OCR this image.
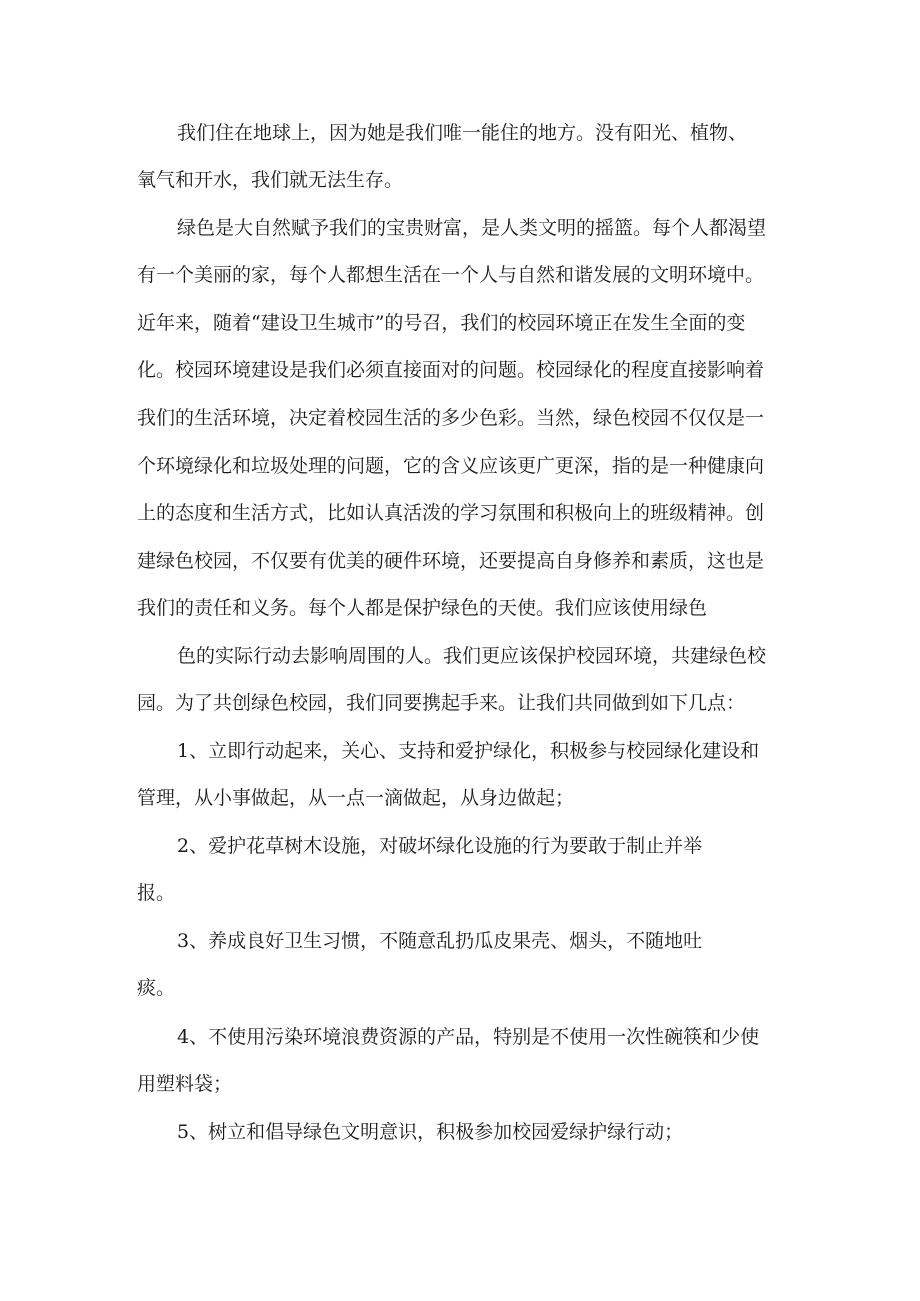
我们住在地球上，因为她是我们唯一能住的地方。没有阳光、植物、

氧气和开水，我们就无法生存。

绿色是大自然赋予我们的宝贵财富，是人类文明的摇篮。每个人都渴望

有一个美丽的家，每个人都想生活在一个人与自然和谐发展的文明环境中。

近年来，随着“建设卫生城市”的号召，我们的校园环境正在发生全面的变

化。校园环境建设是我们必须直接面对的问题。校园绿化的程度直接影响着

我们的生活环境，决定着校园生活的多少色彩。当然，绿色校园不仅仅是一

个环境绿化和垃圾处理的问题，它的含义应该更广更深，指的是一种健康向

上的态度和生活方式，比如认真活泼的学习氛围和积极向上的班级精神。创

建绿色校园，不仅要有优美的硬件环境，还要提高自身修养和素质，这也是

我们的责任和义务。每个人都是保护绿色的天使。我们应该使用绿色

色的实际行动去影响周围的人。我们更应该保护校园环境，共建绿色校

园。为了共创绿色校园，我们同要携起手来。让我们共同做到如下几点：

1、立即行动起来，关心、支持和爱护绿化，积极参与校园绿化建设和

管理，从小事做起，从一点一滴做起，从身边做起；

2、爱护花草树木设施，对破坏绿化设施的行为要敢于制止并举

报。

3、养成良好卫生习惯，不随意乱扔瓜皮果壳、烟头，不随地吐

痰。

4、不使用污染环境浪费资源的产品，特别是不使用一次性碗筷和少使

用塑料袋；

5、树立和倡导绿色文明意识，积极参加校园爱绿护绿行动；
